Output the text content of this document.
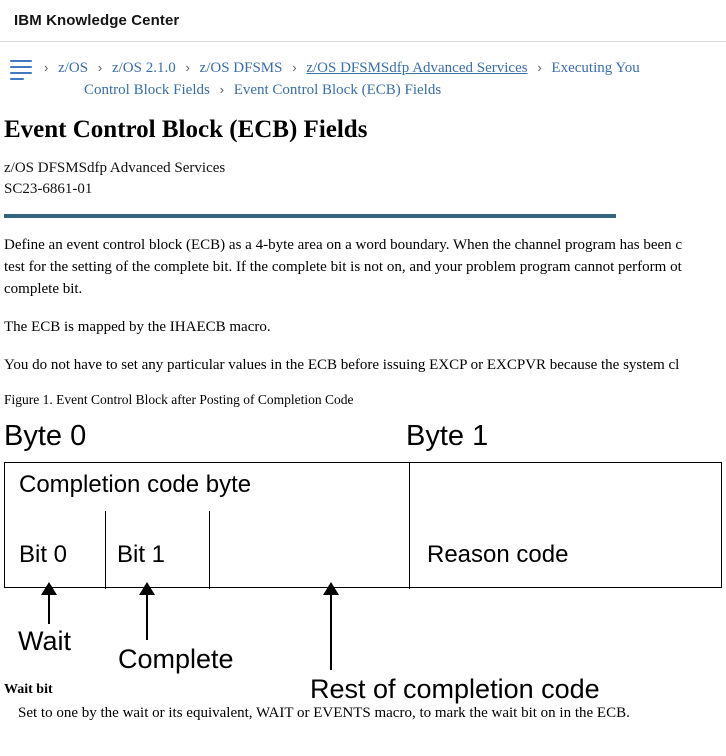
IBM Knowledge Center
› z/OS › z/OS 2.1.0 › z/OS DFSMS › z/OS DFSMSdfp Advanced Services › Executing You
Control Block Fields › Event Control Block (ECB) Fields
Event Control Block (ECB) Fields
z/OS DFSMSdfp Advanced Services
SC23-6861-01

Define an event control block (ECB) as a 4-byte area on a word boundary. When the channel program has been c

test for the setting of the complete bit. If the complete bit is not on, and your problem program cannot perform ot

complete bit.

The ECB is mapped by the IHAECB macro.

You do not have to set any particular values in the ECB before issuing EXCP or EXCPVR because the system cl

Figure 1. Event Control Block after Posting of Completion Code

Byte 0	Byte 1
Completion code byte
Bit 0 Bit 1	Reason code
Wait
Complete
Rest of completion code

Wait bit

Set to one by the wait or its equivalent, WAIT or EVENTS macro, to mark the wait bit on in the ECB.
